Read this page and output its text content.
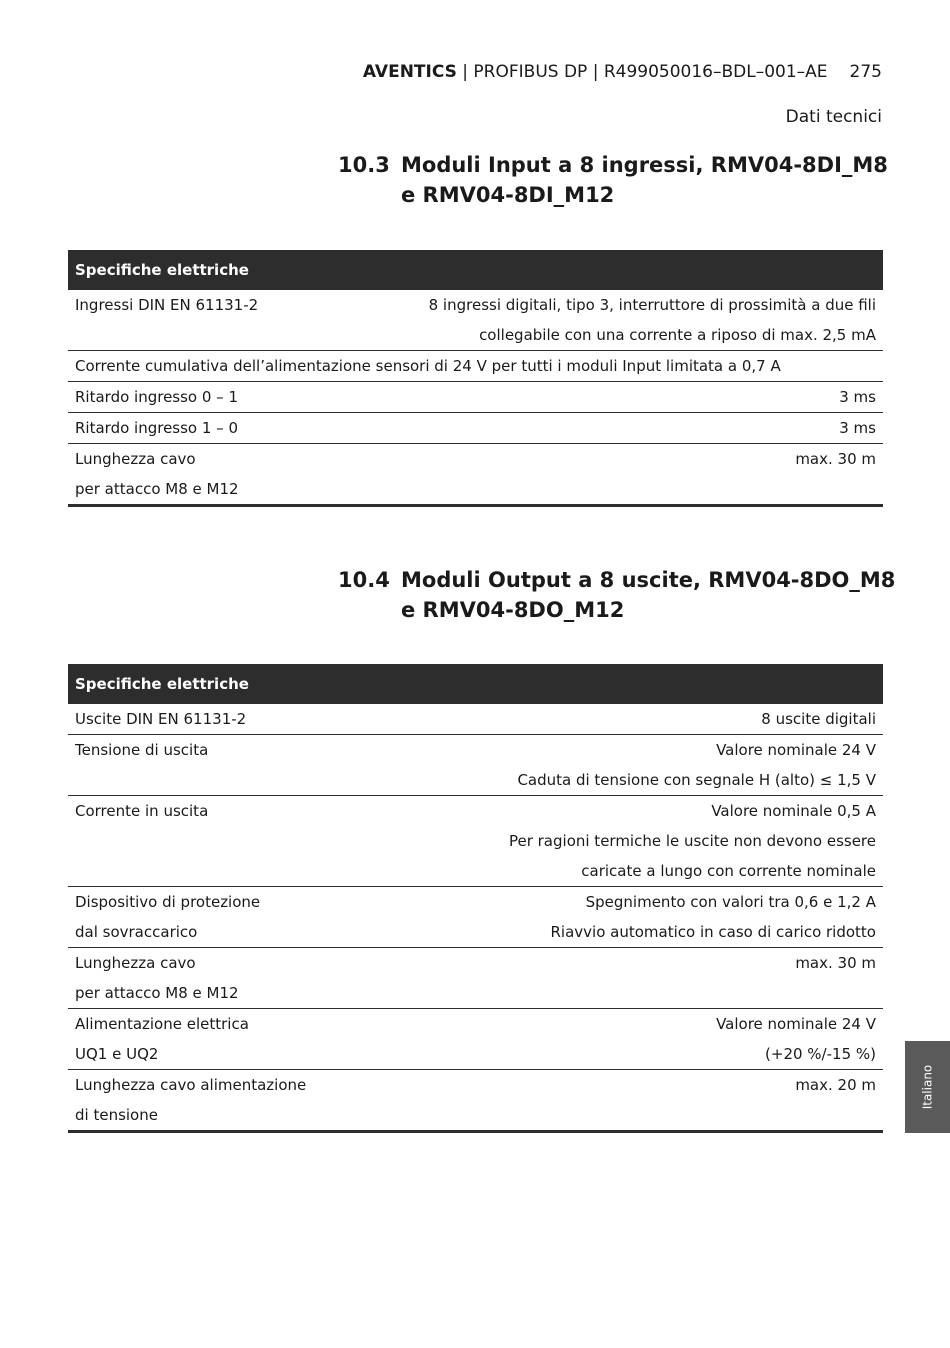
AVENTICS | PROFIBUS DP | R499050016–BDL–001–AE 275
Dati tecnici
10.3 Moduli Input a 8 ingressi, RMV04-8DI_M8 e RMV04-8DI_M12
Specifiche elettriche
Ingressi DIN EN 61131-2	8 ingressi digitali, tipo 3, interruttore di prossimità a due fili
collegabile con una corrente a riposo di max. 2,5 mA
Corrente cumulativa dell’alimentazione sensori di 24 V per tutti i moduli Input limitata a 0,7 A
Ritardo ingresso 0 – 1	3 ms
Ritardo ingresso 1 – 0	3 ms
Lunghezza cavo	max. 30 m
per attacco M8 e M12
10.4 Moduli Output a 8 uscite, RMV04-8DO_M8 e RMV04-8DO_M12
Specifiche elettriche
Uscite DIN EN 61131-2	8 uscite digitali
Tensione di uscita	Valore nominale 24 V
Caduta di tensione con segnale H (alto) ≤ 1,5 V
Corrente in uscita	Valore nominale 0,5 A
Per ragioni termiche le uscite non devono essere
caricate a lungo con corrente nominale
Dispositivo di protezione	Spegnimento con valori tra 0,6 e 1,2 A
dal sovraccarico	Riavvio automatico in caso di carico ridotto
Lunghezza cavo	max. 30 m
per attacco M8 e M12
Alimentazione elettrica	Valore nominale 24 V
UQ1 e UQ2	(+20 %/-15 %)
Lunghezza cavo alimentazione	max. 20 m
di tensione
Italiano
